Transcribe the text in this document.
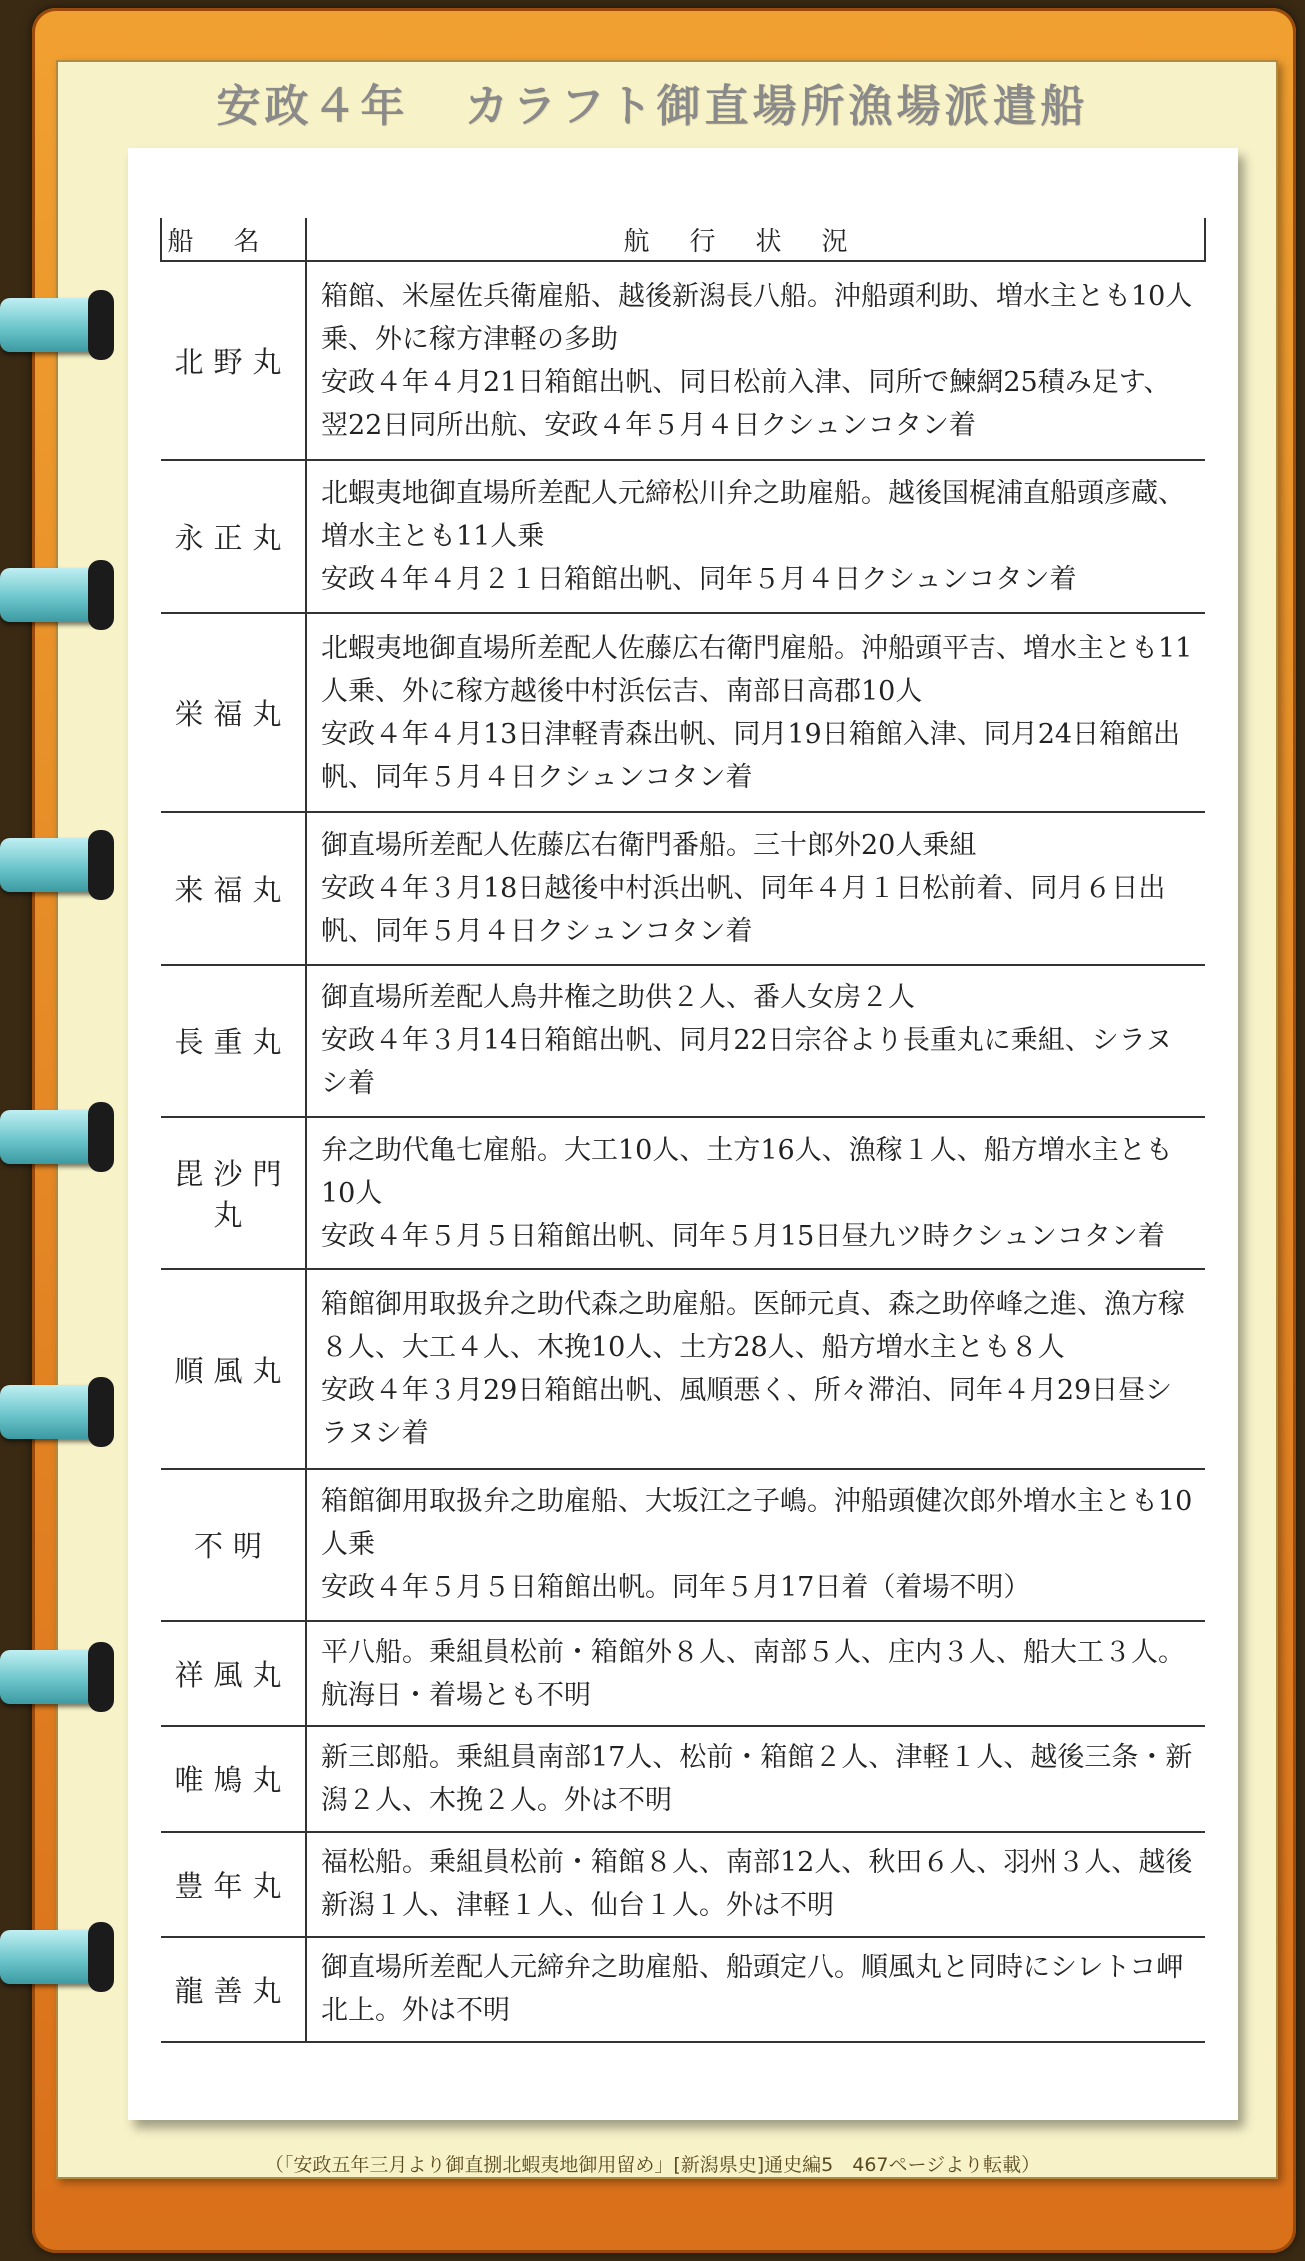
安政４年 カラフト御直場所漁場派遣船
船名	航行状況
北野丸	箱館、米屋佐兵衛雇船、越後新潟長八船。沖船頭利助、増水主とも10人乗、外に稼方津軽の多助
安政４年４月21日箱館出帆、同日松前入津、同所で鰊網25積み足す、翌22日同所出航、安政４年５月４日クシュンコタン着

永正丸	北蝦夷地御直場所差配人元締松川弁之助雇船。越後国梶浦直船頭彦蔵、増水主とも11人乗
安政４年４月２１日箱館出帆、同年５月４日クシュンコタン着

栄福丸	北蝦夷地御直場所差配人佐藤広右衛門雇船。沖船頭平吉、増水主とも11人乗、外に稼方越後中村浜伝吉、南部日高郡10人
安政４年４月13日津軽青森出帆、同月19日箱館入津、同月24日箱館出帆、同年５月４日クシュンコタン着

来福丸	御直場所差配人佐藤広右衛門番船。三十郎外20人乗組
安政４年３月18日越後中村浜出帆、同年４月１日松前着、同月６日出帆、同年５月４日クシュンコタン着

長重丸	御直場所差配人鳥井権之助供２人、番人女房２人
安政４年３月14日箱館出帆、同月22日宗谷より長重丸に乗組、シラヌシ着

毘沙門丸	弁之助代亀七雇船。大工10人、土方16人、漁稼１人、船方増水主とも10人
安政４年５月５日箱館出帆、同年５月15日昼九ツ時クシュンコタン着

順風丸	箱館御用取扱弁之助代森之助雇船。医師元貞、森之助倅峰之進、漁方稼８人、大工４人、木挽10人、土方28人、船方増水主とも８人
安政４年３月29日箱館出帆、風順悪く、所々滞泊、同年４月29日昼シラヌシ着

不明	箱館御用取扱弁之助雇船、大坂江之子嶋。沖船頭健次郎外増水主とも10人乗
安政４年５月５日箱館出帆。同年５月17日着（着場不明）

祥風丸	平八船。乗組員松前・箱館外８人、南部５人、庄内３人、船大工３人。航海日・着場とも不明

唯鳩丸	新三郎船。乗組員南部17人、松前・箱館２人、津軽１人、越後三条・新潟２人、木挽２人。外は不明

豊年丸	福松船。乗組員松前・箱館８人、南部12人、秋田６人、羽州３人、越後新潟１人、津軽１人、仙台１人。外は不明

龍善丸	御直場所差配人元締弁之助雇船、船頭定八。順風丸と同時にシレトコ岬北上。外は不明
（「安政五年三月より御直捌北蝦夷地御用留め」[新潟県史]通史編5　467ページより転載）
